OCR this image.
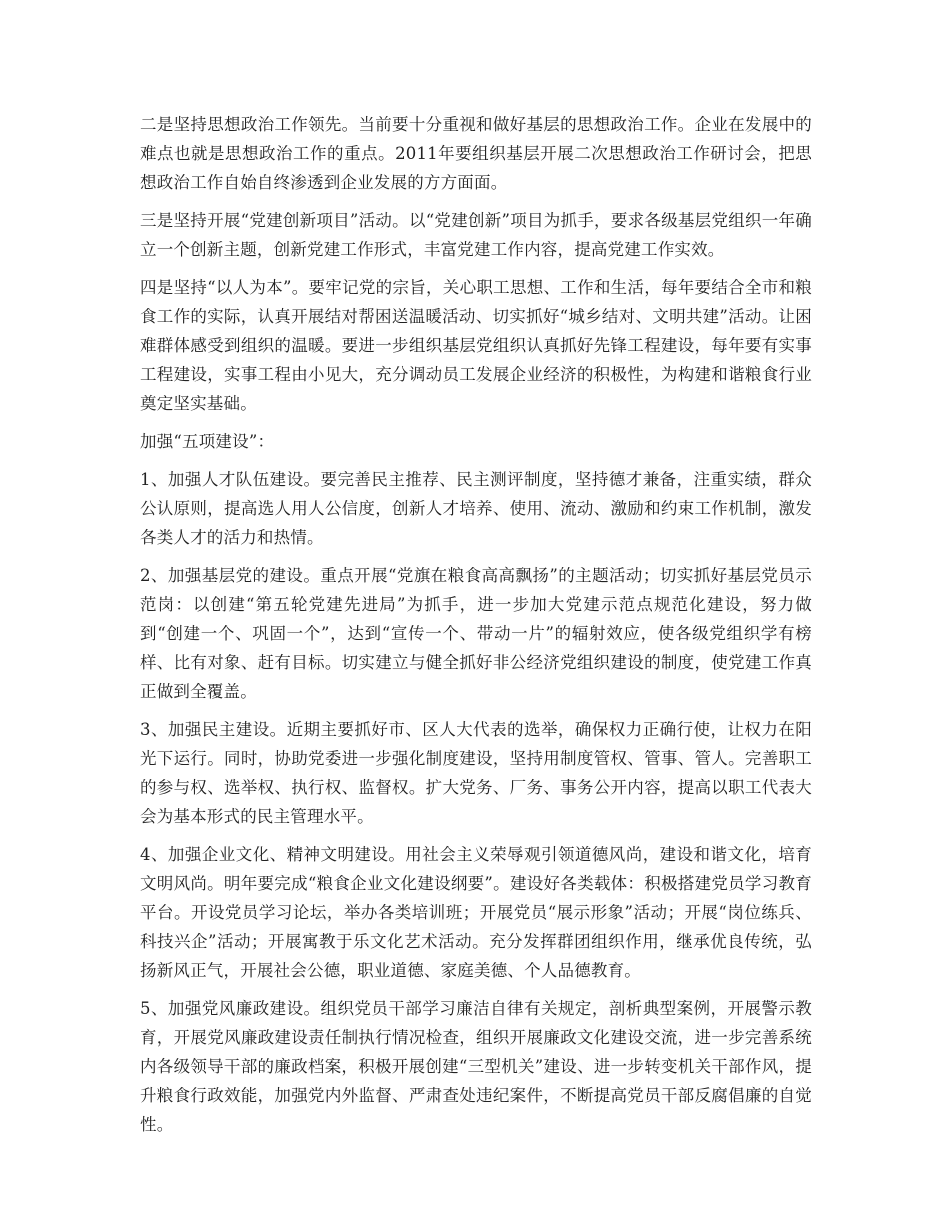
二是坚持思想政治工作领先。当前要十分重视和做好基层的思想政治工作。企业在发展中的难点也就是思想政治工作的重点。2011年要组织基层开展二次思想政治工作研讨会，把思想政治工作自始自终渗透到企业发展的方方面面。

三是坚持开展“党建创新项目”活动。以“党建创新”项目为抓手，要求各级基层党组织一年确立一个创新主题，创新党建工作形式，丰富党建工作内容，提高党建工作实效。

四是坚持“以人为本”。要牢记党的宗旨，关心职工思想、工作和生活，每年要结合全市和粮食工作的实际，认真开展结对帮困送温暖活动、切实抓好“城乡结对、文明共建”活动。让困难群体感受到组织的温暖。要进一步组织基层党组织认真抓好先锋工程建设，每年要有实事工程建设，实事工程由小见大，充分调动员工发展企业经济的积极性，为构建和谐粮食行业奠定坚实基础。

加强“五项建设”：

1、加强人才队伍建设。要完善民主推荐、民主测评制度，坚持德才兼备，注重实绩，群众公认原则，提高选人用人公信度，创新人才培养、使用、流动、激励和约束工作机制，激发各类人才的活力和热情。

2、加强基层党的建设。重点开展“党旗在粮食高高飘扬”的主题活动；切实抓好基层党员示范岗：以创建“第五轮党建先进局”为抓手，进一步加大党建示范点规范化建设，努力做到“创建一个、巩固一个”，达到“宣传一个、带动一片”的辐射效应，使各级党组织学有榜样、比有对象、赶有目标。切实建立与健全抓好非公经济党组织建设的制度，使党建工作真正做到全覆盖。

3、加强民主建设。近期主要抓好市、区人大代表的选举，确保权力正确行使，让权力在阳光下运行。同时，协助党委进一步强化制度建设，坚持用制度管权、管事、管人。完善职工的参与权、选举权、执行权、监督权。扩大党务、厂务、事务公开内容，提高以职工代表大会为基本形式的民主管理水平。

4、加强企业文化、精神文明建设。用社会主义荣辱观引领道德风尚，建设和谐文化，培育文明风尚。明年要完成“粮食企业文化建设纲要”。建设好各类载体：积极搭建党员学习教育平台。开设党员学习论坛，举办各类培训班；开展党员“展示形象”活动；开展“岗位练兵、科技兴企”活动；开展寓教于乐文化艺术活动。充分发挥群团组织作用，继承优良传统，弘扬新风正气，开展社会公德，职业道德、家庭美德、个人品德教育。

5、加强党风廉政建设。组织党员干部学习廉洁自律有关规定，剖析典型案例，开展警示教育，开展党风廉政建设责任制执行情况检查，组织开展廉政文化建设交流，进一步完善系统内各级领导干部的廉政档案，积极开展创建“三型机关”建设、进一步转变机关干部作风，提升粮食行政效能，加强党内外监督、严肃查处违纪案件，不断提高党员干部反腐倡廉的自觉性。
